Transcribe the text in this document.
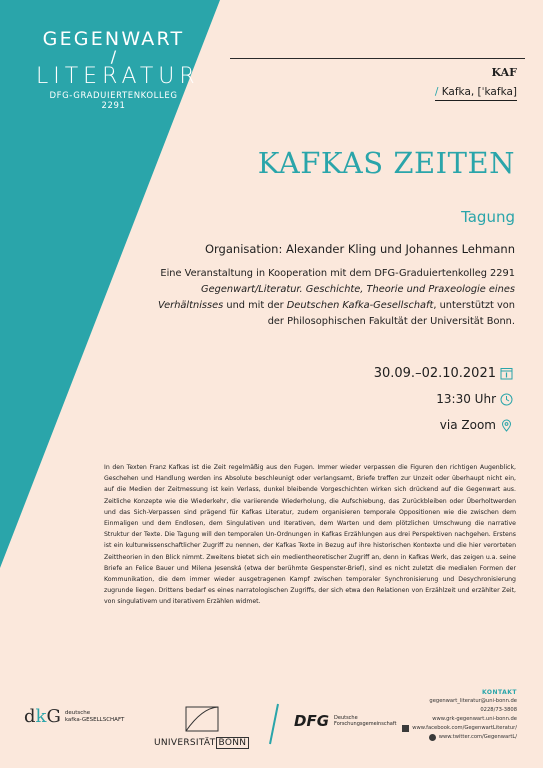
GEGENWART
/
LITERATUR
DFG-GRADUIERTENKOLLEG 2291
KAF
/ Kafka, [ˈkafka]
KAFKAS ZEITEN
Tagung
Organisation: Alexander Kling und Johannes Lehmann
Eine Veranstaltung in Kooperation mit dem DFG-Graduiertenkolleg 2291 Gegenwart/Literatur. Geschichte, Theorie und Praxeologie eines Verhältnisses und mit der Deutschen Kafka-Gesellschaft, unterstützt von der Philosophischen Fakultät der Universität Bonn.
30.09.–02.10.2021
13:30 Uhr
via Zoom
In den Texten Franz Kafkas ist die Zeit regelmäßig aus den Fugen. Immer wieder verpassen die Figuren den richtigen Augenblick, Geschehen und Handlung werden ins Absolute beschleunigt oder verlangsamt, Briefe treffen zur Unzeit oder überhaupt nicht ein, auf die Medien der Zeitmessung ist kein Verlass, dunkel bleibende Vorgeschichten wirken sich drückend auf die Gegenwart aus. Zeitliche Konzepte wie die Wiederkehr, die variierende Wiederholung, die Aufschiebung, das Zurückbleiben oder Überholtwerden und das Sich-Verpassen sind prägend für Kafkas Literatur, zudem organisieren temporale Oppositionen wie die zwischen dem Einmaligen und dem Endlosen, dem Singulativen und Iterativen, dem Warten und dem plötzlichen Umschwung die narrative Struktur der Texte. Die Tagung will den temporalen Un-Ordnungen in Kafkas Erzählungen aus drei Perspektiven nachgehen. Erstens ist ein kulturwissenschaftlicher Zugriff zu nennen, der Kafkas Texte in Bezug auf ihre historischen Kontexte und die hier verorteten Zeittheorien in den Blick nimmt. Zweitens bietet sich ein medientheoretischer Zugriff an, denn in Kafkas Werk, das zeigen u.a. seine Briefe an Felice Bauer und Milena Jesenská (etwa der berühmte Gespenster-Brief), sind es nicht zuletzt die medialen Formen der Kommunikation, die dem immer wieder ausgetragenen Kampf zwischen temporaler Synchronisierung und Desychronisierung zugrunde liegen. Drittens bedarf es eines narratologischen Zugriffs, der sich etwa den Relationen von Erzählzeit und erzählter Zeit, von singulativem und iterativem Erzählen widmet.
KONTAKT
gegenwart_literatur@uni-bonn.de
0228/73-3808
www.grk-gegenwart.uni-bonn.de
www.facebook.com/GegenwartLiteratur/
www.twitter.com/GegenwartL/
dkG deutsche
kafka-GESELLSCHAFT
UNIVERSITÄT BONN
DFG Deutsche
Forschungsgemeinschaft
